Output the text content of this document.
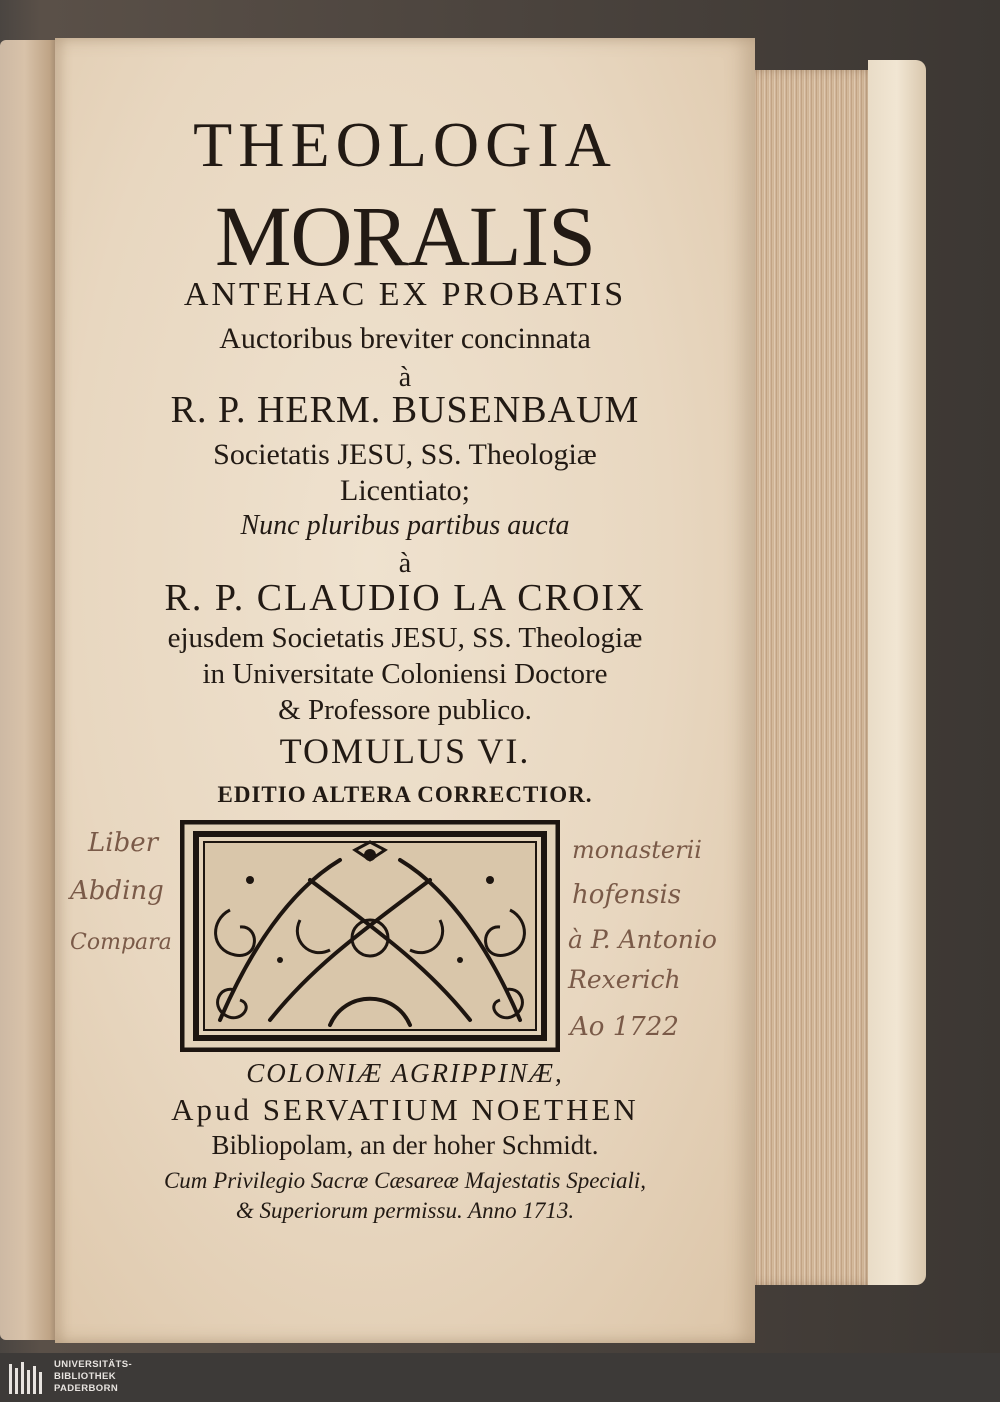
THEOLOGIA
MORALIS
ANTEHAC EX PROBATIS
Auctoribus breviter concinnata
à
R. P. HERM. BUSENBAUM
Societatis JESU, SS. Theologiæ
Licentiato;
Nunc pluribus partibus aucta
à
R. P. CLAUDIO LA CROIX
ejusdem Societatis JESU, SS. Theologiæ
in Universitate Coloniensi Doctore
& Professore publico.
TOMULUS VI.
EDITIO ALTERA CORRECTIOR.
Liber	monasterii
Abding	hofensis
Compara	à P. Antonio
Rexerich
Ao 1722
COLONIÆ AGRIPPINÆ,
Apud SERVATIUM NOETHEN
Bibliopolam, an der hoher Schmidt.
Cum Privilegio Sacræ Cæsareæ Majestatis Speciali,
& Superiorum permissu. Anno 1713.
UNIVERSITÄTS-
BIBLIOTHEK
PADERBORN
